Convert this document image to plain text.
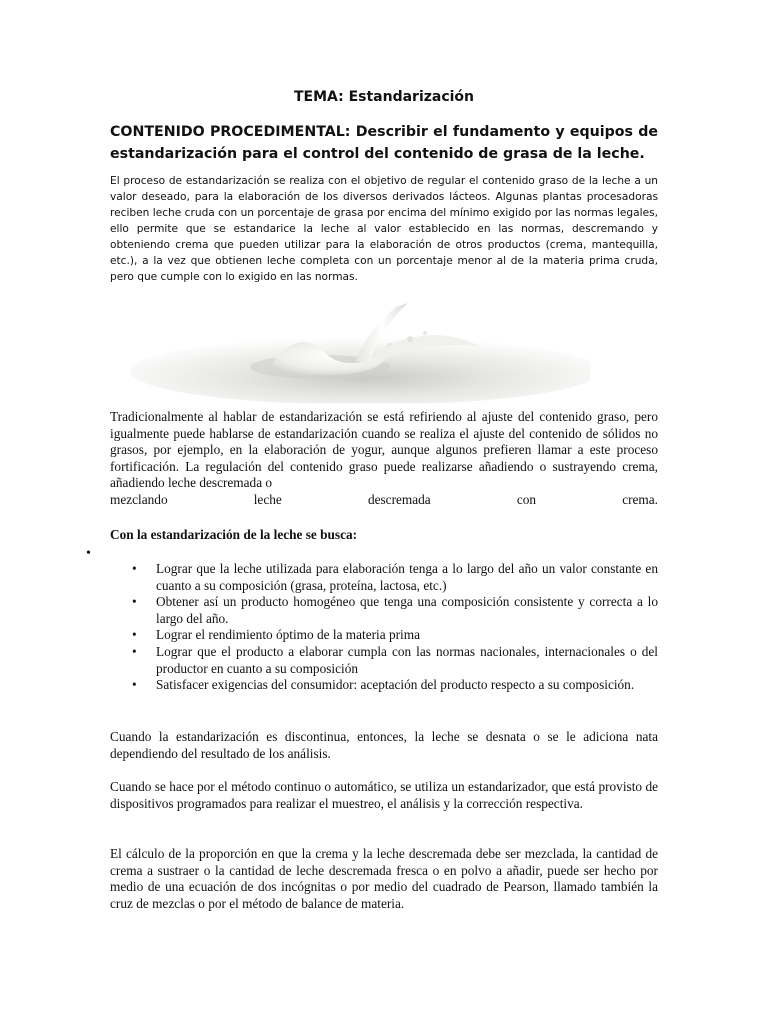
TEMA: Estandarización
CONTENIDO PROCEDIMENTAL: Describir el fundamento y equipos de estandarización para el control del contenido de grasa de la leche.
El proceso de estandarización se realiza con el objetivo de regular el contenido graso de la leche a un valor deseado, para la elaboración de los diversos derivados lácteos. Algunas plantas procesadoras reciben leche cruda con un porcentaje de grasa por encima del mínimo exigido por las normas legales, ello permite que se estandarice la leche al valor establecido en las normas, descremando y obteniendo crema que pueden utilizar para la elaboración de otros productos (crema, mantequilla, etc.), a la vez que obtienen leche completa con un porcentaje menor al de la materia prima cruda, pero que cumple con lo exigido en las normas.
Tradicionalmente al hablar de estandarización se está refiriendo al ajuste del contenido graso, pero igualmente puede hablarse de estandarización cuando se realiza el ajuste del contenido de sólidos no grasos, por ejemplo, en la elaboración de yogur, aunque algunos prefieren llamar a este proceso fortificación. La regulación del contenido graso puede realizarse añadiendo o sustrayendo crema, añadiendo leche descremada o
mezclando	leche	descremada	con	crema.
Con la estandarización de la leche se busca:
•
• Lograr que la leche utilizada para elaboración tenga a lo largo del año un valor constante en cuanto a su composición (grasa, proteína, lactosa, etc.)
• Obtener así un producto homogéneo que tenga una composición consistente y correcta a lo largo del año.
• Lograr el rendimiento óptimo de la materia prima
• Lograr que el producto a elaborar cumpla con las normas nacionales, internacionales o del productor en cuanto a su composición
• Satisfacer exigencias del consumidor: aceptación del producto respecto a su composición.
Cuando la estandarización es discontinua, entonces, la leche se desnata o se le adiciona nata dependiendo del resultado de los análisis.
Cuando se hace por el método continuo o automático, se utiliza un estandarizador, que está provisto de dispositivos programados para realizar el muestreo, el análisis y la corrección respectiva.
El cálculo de la proporción en que la crema y la leche descremada debe ser mezclada, la cantidad de crema a sustraer o la cantidad de leche descremada fresca o en polvo a añadir, puede ser hecho por medio de una ecuación de dos incógnitas o por medio del cuadrado de Pearson, llamado también la cruz de mezclas o por el método de balance de materia.
